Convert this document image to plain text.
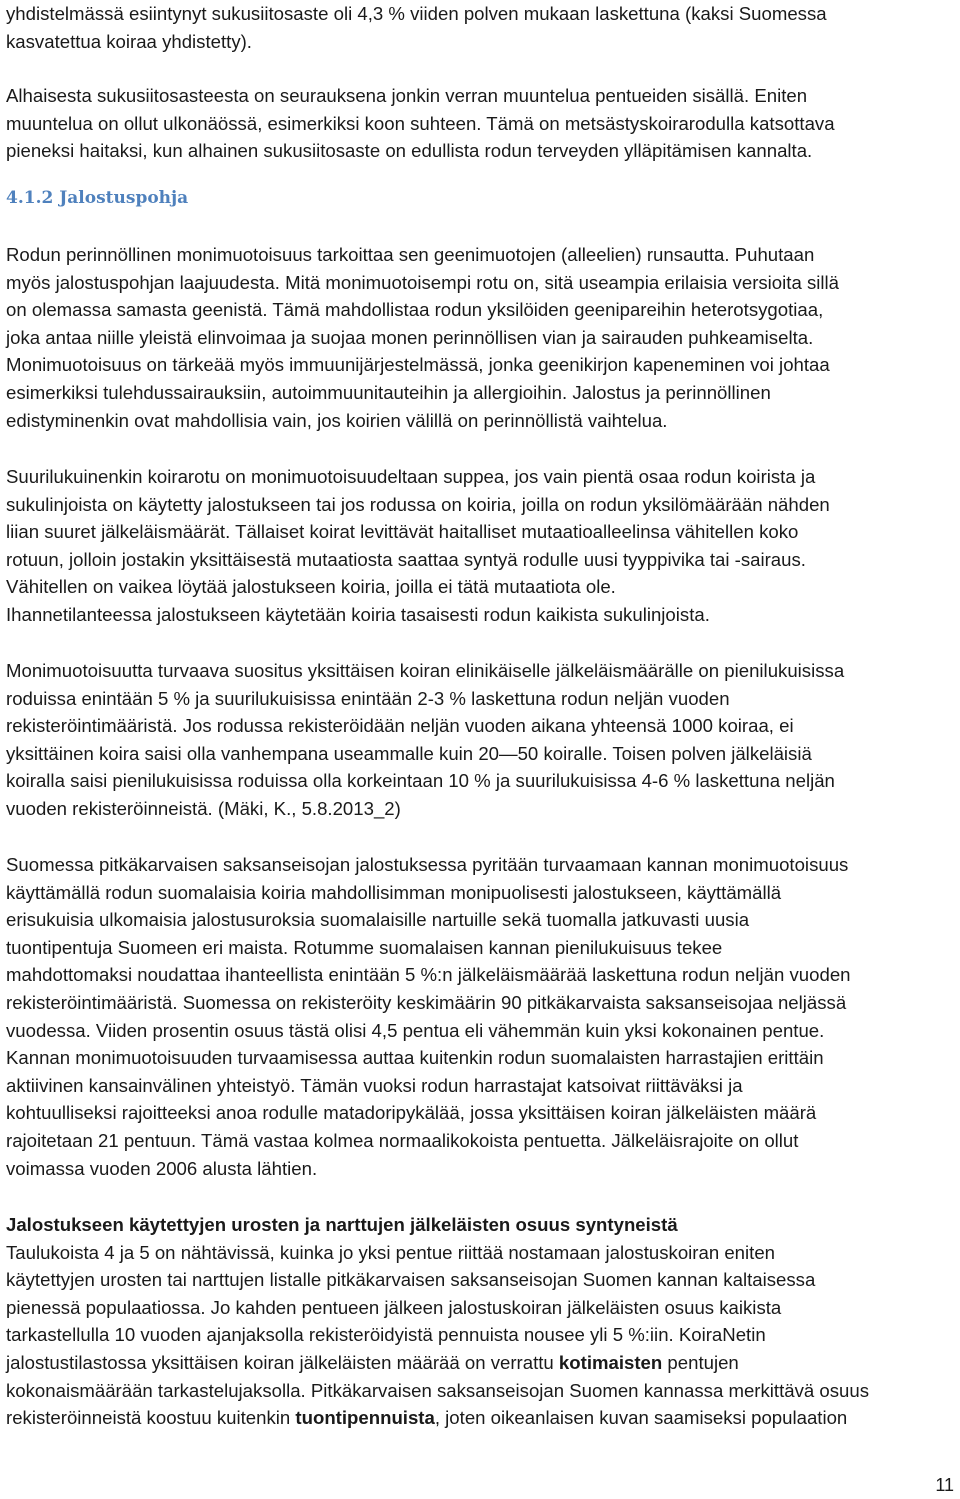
yhdistelmässä esiintynyt sukusiitosaste oli 4,3 % viiden polven mukaan laskettuna (kaksi Suomessa
kasvatettua koiraa yhdistetty).
Alhaisesta sukusiitosasteesta on seurauksena jonkin verran muuntelua pentueiden sisällä. Eniten
muuntelua on ollut ulkonäössä, esimerkiksi koon suhteen. Tämä on metsästyskoirarodulla katsottava
pieneksi haitaksi, kun alhainen sukusiitosaste on edullista rodun terveyden ylläpitämisen kannalta.
4.1.2 Jalostuspohja
Rodun perinnöllinen monimuotoisuus tarkoittaa sen geenimuotojen (alleelien) runsautta. Puhutaan
myös jalostuspohjan laajuudesta. Mitä monimuotoisempi rotu on, sitä useampia erilaisia versioita sillä
on olemassa samasta geenistä. Tämä mahdollistaa rodun yksilöiden geenipareihin heterotsygotiaa,
joka antaa niille yleistä elinvoimaa ja suojaa monen perinnöllisen vian ja sairauden puhkeamiselta.
Monimuotoisuus on tärkeää myös immuunijärjestelmässä, jonka geenikirjon kapeneminen voi johtaa
esimerkiksi tulehdussairauksiin, autoimmuunitauteihin ja allergioihin. Jalostus ja perinnöllinen
edistyminenkin ovat mahdollisia vain, jos koirien välillä on perinnöllistä vaihtelua.
Suurilukuinenkin koirarotu on monimuotoisuudeltaan suppea, jos vain pientä osaa rodun koirista ja
sukulinjoista on käytetty jalostukseen tai jos rodussa on koiria, joilla on rodun yksilömäärään nähden
liian suuret jälkeläismäärät. Tällaiset koirat levittävät haitalliset mutaatioalleelinsa vähitellen koko
rotuun, jolloin jostakin yksittäisestä mutaatiosta saattaa syntyä rodulle uusi tyyppivika tai -sairaus.
Vähitellen on vaikea löytää jalostukseen koiria, joilla ei tätä mutaatiota ole.
Ihannetilanteessa jalostukseen käytetään koiria tasaisesti rodun kaikista sukulinjoista.
Monimuotoisuutta turvaava suositus yksittäisen koiran elinikäiselle jälkeläismäärälle on pienilukuisissa
roduissa enintään 5 % ja suurilukuisissa enintään 2-3 % laskettuna rodun neljän vuoden
rekisteröintimääristä. Jos rodussa rekisteröidään neljän vuoden aikana yhteensä 1000 koiraa, ei
yksittäinen koira saisi olla vanhempana useammalle kuin 20—50 koiralle. Toisen polven jälkeläisiä
koiralla saisi pienilukuisissa roduissa olla korkeintaan 10 % ja suurilukuisissa 4-6 % laskettuna neljän
vuoden rekisteröinneistä. (Mäki, K., 5.8.2013_2)
Suomessa pitkäkarvaisen saksanseisojan jalostuksessa pyritään turvaamaan kannan monimuotoisuus
käyttämällä rodun suomalaisia koiria mahdollisimman monipuolisesti jalostukseen, käyttämällä
erisukuisia ulkomaisia jalostusuroksia suomalaisille nartuille sekä tuomalla jatkuvasti uusia
tuontipentuja Suomeen eri maista. Rotumme suomalaisen kannan pienilukuisuus tekee
mahdottomaksi noudattaa ihanteellista enintään 5 %:n jälkeläismäärää laskettuna rodun neljän vuoden
rekisteröintimääristä. Suomessa on rekisteröity keskimäärin 90 pitkäkarvaista saksanseisojaa neljässä
vuodessa. Viiden prosentin osuus tästä olisi 4,5 pentua eli vähemmän kuin yksi kokonainen pentue.
Kannan monimuotoisuuden turvaamisessa auttaa kuitenkin rodun suomalaisten harrastajien erittäin
aktiivinen kansainvälinen yhteistyö. Tämän vuoksi rodun harrastajat katsoivat riittäväksi ja
kohtuulliseksi rajoitteeksi anoa rodulle matadoripykälää, jossa yksittäisen koiran jälkeläisten määrä
rajoitetaan 21 pentuun. Tämä vastaa kolmea normaalikokoista pentuetta. Jälkeläisrajoite on ollut
voimassa vuoden 2006 alusta lähtien.
Jalostukseen käytettyjen urosten ja narttujen jälkeläisten osuus syntyneistä
Taulukoista 4 ja 5 on nähtävissä, kuinka jo yksi pentue riittää nostamaan jalostuskoiran eniten
käytettyjen urosten tai narttujen listalle pitkäkarvaisen saksanseisojan Suomen kannan kaltaisessa
pienessä populaatiossa. Jo kahden pentueen jälkeen jalostuskoiran jälkeläisten osuus kaikista
tarkastellulla 10 vuoden ajanjaksolla rekisteröidyistä pennuista nousee yli 5 %:iin. KoiraNetin
jalostustilastossa yksittäisen koiran jälkeläisten määrää on verrattu kotimaisten pentujen
kokonaismäärään tarkastelujaksolla. Pitkäkarvaisen saksanseisojan Suomen kannassa merkittävä osuus
rekisteröinneistä koostuu kuitenkin tuontipennuista, joten oikeanlaisen kuvan saamiseksi populaation
11
